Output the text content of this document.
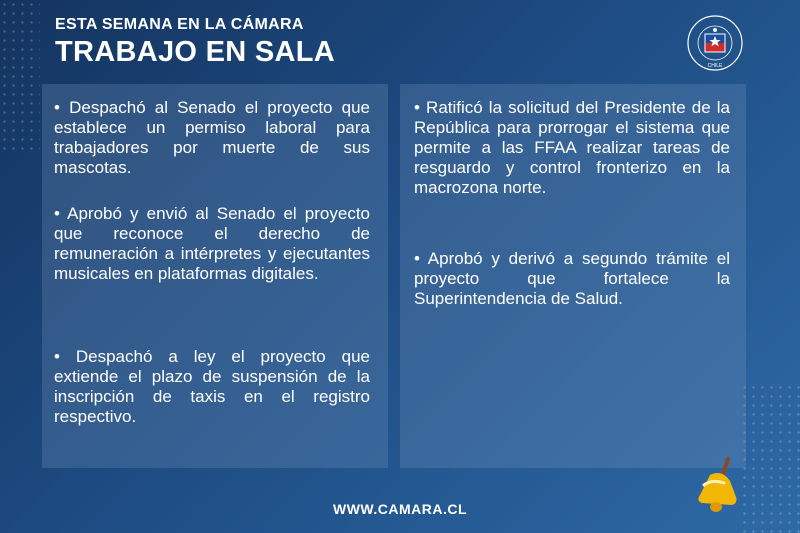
ESTA SEMANA EN LA CÁMARA
TRABAJO EN SALA	CHILE
• Despachó al Senado el proyecto que establece un permiso laboral para trabajadores por muerte de sus mascotas.
• Aprobó y envió al Senado el proyecto que reconoce el derecho de remuneración a intérpretes y ejecutantes musicales en plataformas digitales.
• Despachó a ley el proyecto que extiende el plazo de suspensión de la inscripción de taxis en el registro respectivo.
• Ratificó la solicitud del Presidente de la República para prorrogar el sistema que permite a las FFAA realizar tareas de resguardo y control fronterizo en la macrozona norte.
• Aprobó y derivó a segundo trámite el proyecto que fortalece la Superintendencia de Salud.
WWW.CAMARA.CL
